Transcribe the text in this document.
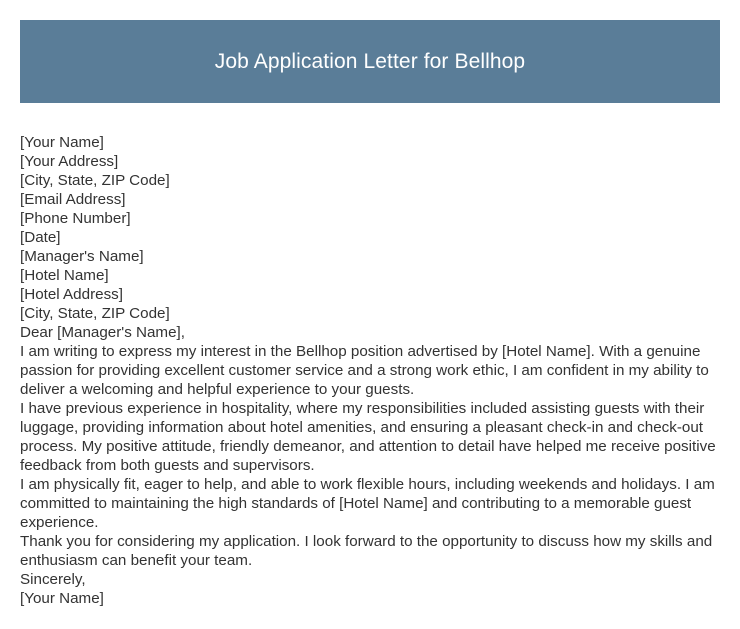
Job Application Letter for Bellhop
[Your Name]
[Your Address]
[City, State, ZIP Code]
[Email Address]
[Phone Number]
[Date]
[Manager's Name]
[Hotel Name]
[Hotel Address]
[City, State, ZIP Code]
Dear [Manager's Name],

I am writing to express my interest in the Bellhop position advertised by [Hotel Name]. With a genuine passion for providing excellent customer service and a strong work ethic, I am confident in my ability to deliver a welcoming and helpful experience to your guests.

I have previous experience in hospitality, where my responsibilities included assisting guests with their luggage, providing information about hotel amenities, and ensuring a pleasant check-in and check-out process. My positive attitude, friendly demeanor, and attention to detail have helped me receive positive feedback from both guests and supervisors.

I am physically fit, eager to help, and able to work flexible hours, including weekends and holidays. I am committed to maintaining the high standards of [Hotel Name] and contributing to a memorable guest experience.

Thank you for considering my application. I look forward to the opportunity to discuss how my skills and enthusiasm can benefit your team.

Sincerely,
[Your Name]
